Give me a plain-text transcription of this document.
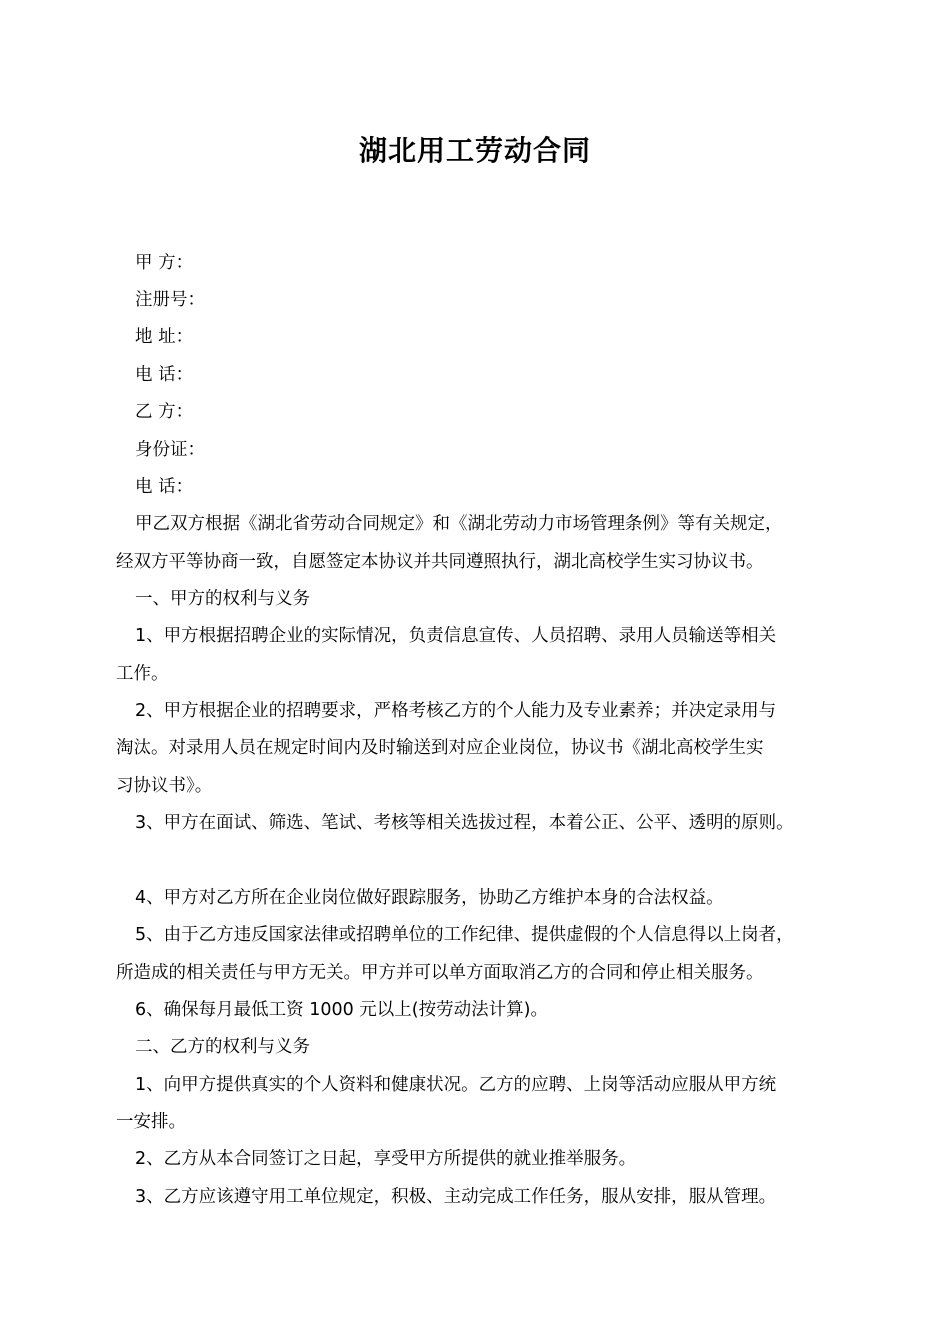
湖北用工劳动合同
甲 方：
注册号：
地 址：
电 话：
乙 方：
身份证：
电 话：
甲乙双方根据《湖北省劳动合同规定》和《湖北劳动力市场管理条例》等有关规定，
经双方平等协商一致，自愿签定本协议并共同遵照执行，湖北高校学生实习协议书。
一、甲方的权利与义务
1、甲方根据招聘企业的实际情况，负责信息宣传、人员招聘、录用人员输送等相关
工作。
2、甲方根据企业的招聘要求，严格考核乙方的个人能力及专业素养；并决定录用与
淘汰。对录用人员在规定时间内及时输送到对应企业岗位，协议书《湖北高校学生实
习协议书》。
3、甲方在面试、筛选、笔试、考核等相关选拔过程，本着公正、公平、透明的原则。
4、甲方对乙方所在企业岗位做好跟踪服务，协助乙方维护本身的合法权益。
5、由于乙方违反国家法律或招聘单位的工作纪律、提供虚假的个人信息得以上岗者，
所造成的相关责任与甲方无关。甲方并可以单方面取消乙方的合同和停止相关服务。
6、确保每月最低工资 1000 元以上(按劳动法计算)。
二、乙方的权利与义务
1、向甲方提供真实的个人资料和健康状况。乙方的应聘、上岗等活动应服从甲方统
一安排。
2、乙方从本合同签订之日起，享受甲方所提供的就业推举服务。
3、乙方应该遵守用工单位规定，积极、主动完成工作任务，服从安排，服从管理。
